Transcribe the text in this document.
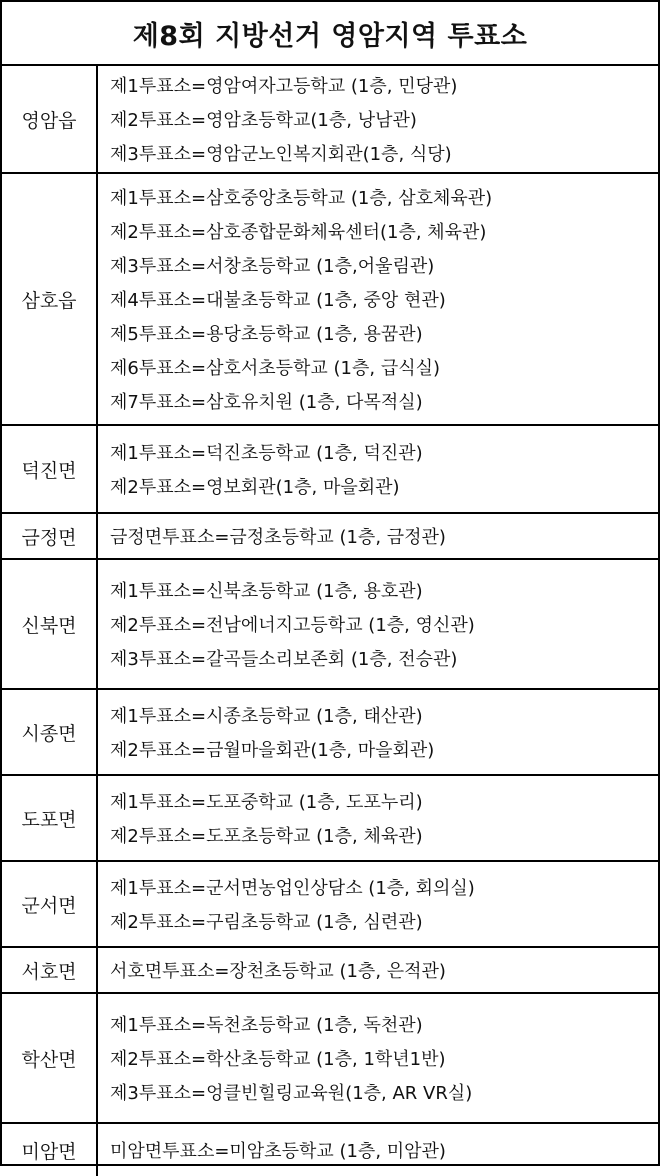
제8회 지방선거 영암지역 투표소
영암읍
제1투표소=영암여자고등학교 (1층, 민당관)
제2투표소=영암초등학교(1층, 낭남관)
제3투표소=영암군노인복지회관(1층, 식당)
삼호읍
제1투표소=삼호중앙초등학교 (1층, 삼호체육관)
제2투표소=삼호종합문화체육센터(1층, 체육관)
제3투표소=서창초등학교 (1층,어울림관)
제4투표소=대불초등학교 (1층, 중앙 현관)
제5투표소=용당초등학교 (1층, 용꿈관)
제6투표소=삼호서초등학교 (1층, 급식실)
제7투표소=삼호유치원 (1층, 다목적실)
덕진면
제1투표소=덕진초등학교 (1층, 덕진관)
제2투표소=영보회관(1층, 마을회관)
금정면	금정면투표소=금정초등학교 (1층, 금정관)
신북면
제1투표소=신북초등학교 (1층, 용호관)
제2투표소=전남에너지고등학교 (1층, 영신관)
제3투표소=갈곡들소리보존회 (1층, 전승관)
시종면
제1투표소=시종초등학교 (1층, 태산관)
제2투표소=금월마을회관(1층, 마을회관)
도포면
제1투표소=도포중학교 (1층, 도포누리)
제2투표소=도포초등학교 (1층, 체육관)
군서면
제1투표소=군서면농업인상담소 (1층, 회의실)
제2투표소=구림초등학교 (1층, 심련관)
서호면	서호면투표소=장천초등학교 (1층, 은적관)
학산면
제1투표소=독천초등학교 (1층, 독천관)
제2투표소=학산초등학교 (1층, 1학년1반)
제3투표소=엉클빈힐링교육원(1층, AR VR실)
미암면	미암면투표소=미암초등학교 (1층, 미암관)
